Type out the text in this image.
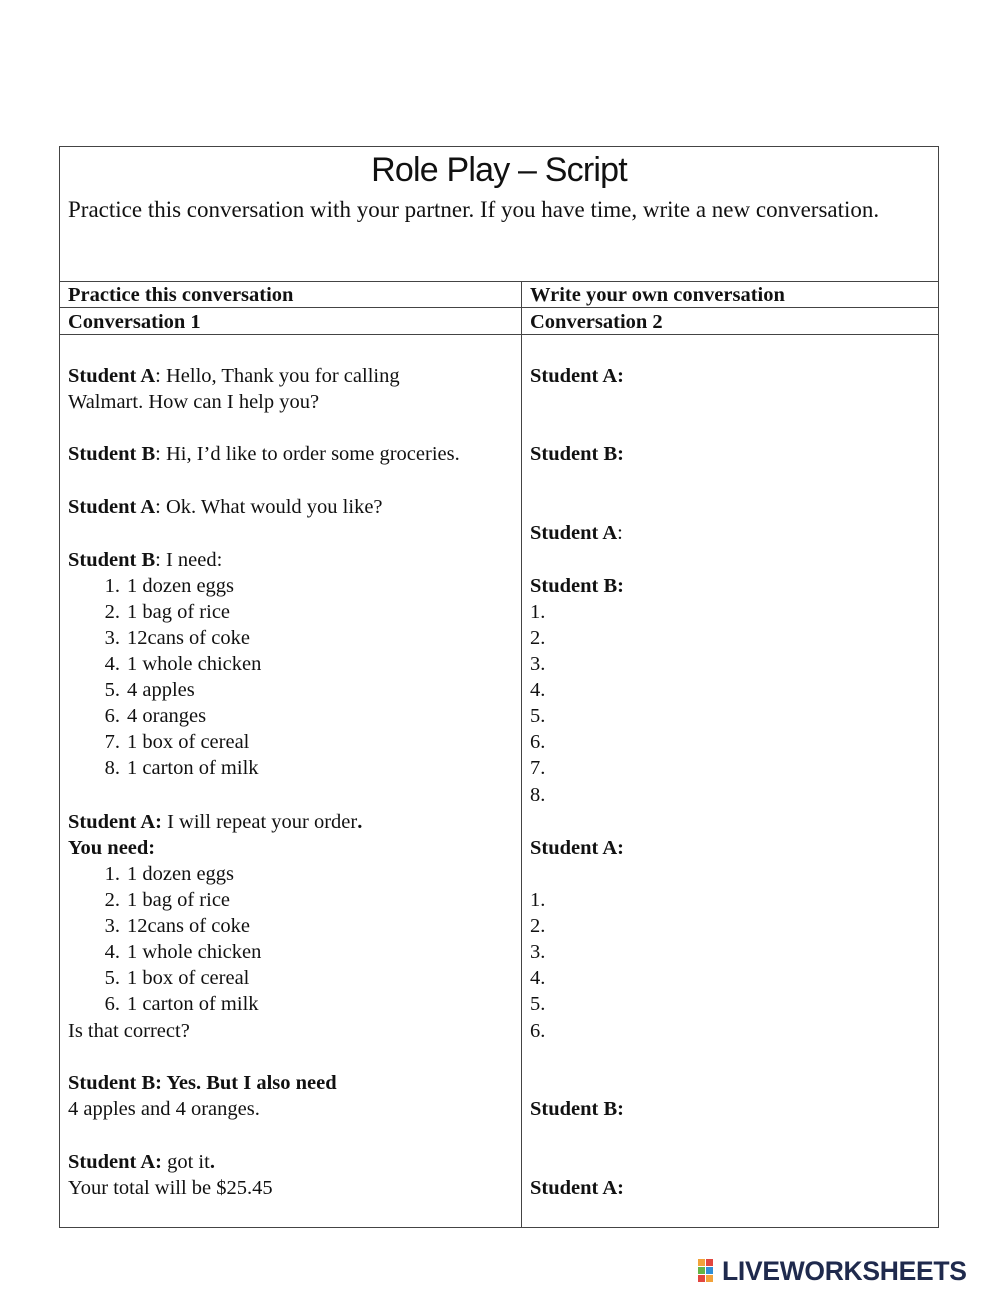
Role Play – Script
Practice this conversation with your partner. If you have time, write a new conversation.
Practice this conversation	Write your own conversation
Conversation 1	Conversation 2
Student A: Hello, Thank you for calling
Walmart. How can I help you?
Student B: Hi, I’d like to order some groceries.
Student A: Ok. What would you like?
Student B: I need:
1. 1 dozen eggs
2. 1 bag of rice
3. 12cans of coke
4. 1 whole chicken
5. 4 apples
6. 4 oranges
7. 1 box of cereal
8. 1 carton of milk
Student A: I will repeat your order.
You need:
1. 1 dozen eggs
2. 1 bag of rice
3. 12cans of coke
4. 1 whole chicken
5. 1 box of cereal
6. 1 carton of milk
Is that correct?
Student B: Yes. But I also need
4 apples and 4 oranges.
Student A: got it.
Your total will be $25.45
Student A:
Student B:
Student A:
Student B:
1.
2.
3.
4.
5.
6.
7.
8.
Student A:
1.
2.
3.
4.
5.
6.
Student B:
Student A:
LIVEWORKSHEETS
